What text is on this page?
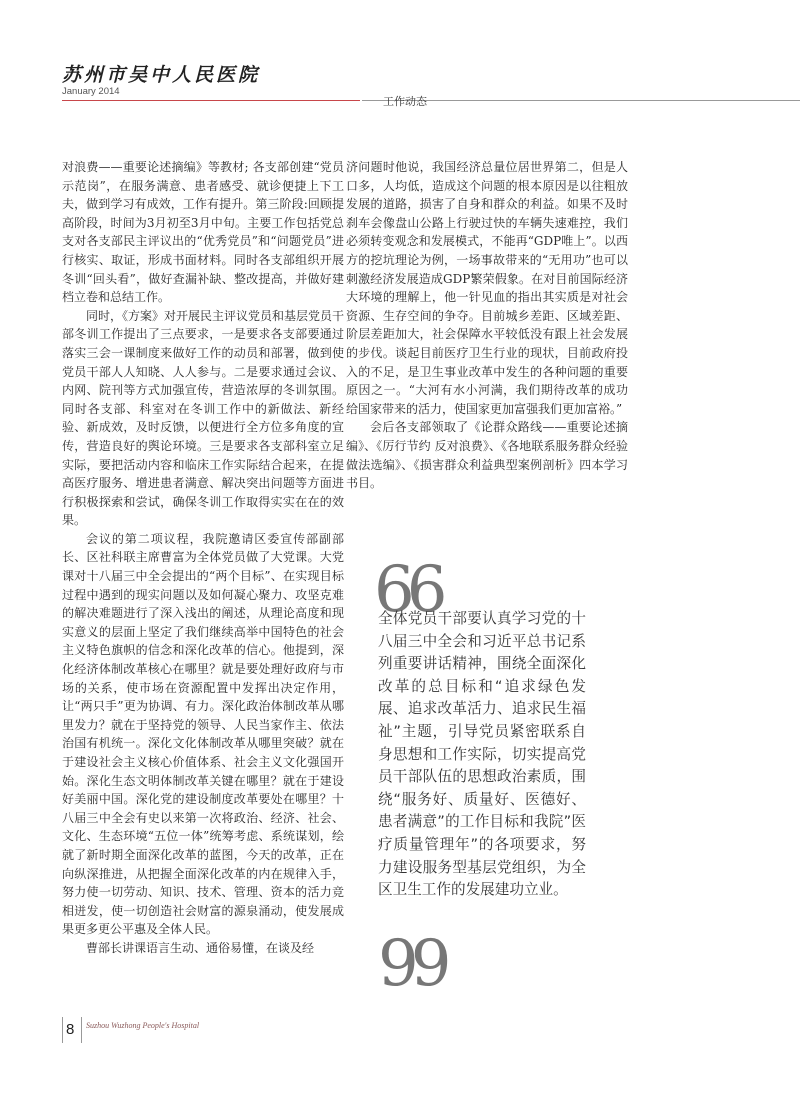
苏州市吴中人民医院
January 2014
工作动态

对浪费——重要论述摘编》等教材; 各支部创建“党员示范岗”，在服务满意、患者感受、就诊便捷上下工夫，做到学习有成效，工作有提升。第三阶段:回顾提高阶段，时间为3月初至3月中旬。主要工作包括党总支对各支部民主评议出的“优秀党员”和“问题党员”进行核实、取证，形成书面材料。同时各支部组织开展冬训“回头看”，做好查漏补缺、整改提高，并做好建档立卷和总结工作。

同时，《方案》对开展民主评议党员和基层党员干部冬训工作提出了三点要求，一是要求各支部要通过落实三会一课制度来做好工作的动员和部署，做到使党员干部人人知晓、人人参与。二是要求通过会议、内网、院刊等方式加强宣传，营造浓厚的冬训氛围。同时各支部、科室对在冬训工作中的新做法、新经验、新成效，及时反馈，以便进行全方位多角度的宣传，营造良好的舆论环境。三是要求各支部科室立足实际，要把活动内容和临床工作实际结合起来，在提高医疗服务、增进患者满意、解决突出问题等方面进行积极探索和尝试，确保冬训工作取得实实在在的效果。

会议的第二项议程，我院邀请区委宣传部副部长、区社科联主席曹富为全体党员做了大党课。大党课对十八届三中全会提出的“两个目标”、在实现目标过程中遇到的现实问题以及如何凝心聚力、攻坚克难的解决难题进行了深入浅出的阐述，从理论高度和现实意义的层面上坚定了我们继续高举中国特色的社会主义特色旗帜的信念和深化改革的信心。他提到，深化经济体制改革核心在哪里？就是要处理好政府与市场的关系，使市场在资源配置中发挥出决定作用，让“两只手”更为协调、有力。深化政治体制改革从哪里发力？就在于坚持党的领导、人民当家作主、依法治国有机统一。深化文化体制改革从哪里突破？就在于建设社会主义核心价值体系、社会主义文化强国开始。深化生态文明体制改革关键在哪里？就在于建设好美丽中国。深化党的建设制度改革要处在哪里？十八届三中全会有史以来第一次将政治、经济、社会、文化、生态环境“五位一体”统筹考虑、系统谋划，绘就了新时期全面深化改革的蓝图，今天的改革，正在向纵深推进，从把握全面深化改革的内在规律入手，努力使一切劳动、知识、技术、管理、资本的活力竞相迸发，使一切创造社会财富的源泉涌动，使发展成果更多更公平惠及全体人民。

曹部长讲课语言生动、通俗易懂，在谈及经

济问题时他说，我国经济总量位居世界第二，但是人口多，人均低，造成这个问题的根本原因是以往粗放发展的道路，损害了自身和群众的利益。如果不及时刹车会像盘山公路上行驶过快的车辆失速难控，我们必须转变观念和发展模式，不能再“GDP唯上”。以西方的挖坑理论为例，一场事故带来的“无用功”也可以刺激经济发展造成GDP繁荣假象。在对目前国际经济大环境的理解上，他一针见血的指出其实质是对社会资源、生存空间的争夺。目前城乡差距、区域差距、阶层差距加大，社会保障水平较低没有跟上社会发展的步伐。谈起目前医疗卫生行业的现状，目前政府投入的不足，是卫生事业改革中发生的各种问题的重要原因之一。“大河有水小河满，我们期待改革的成功给国家带来的活力，使国家更加富强我们更加富裕。”

会后各支部领取了《论群众路线——重要论述摘编》、《厉行节约 反对浪费》、《各地联系服务群众经验做法选编》、《损害群众利益典型案例剖析》四本学习书目。

66
全体党员干部要认真学习党的十八届三中全会和习近平总书记系列重要讲话精神，围绕全面深化改革的总目标和“追求绿色发展、追求改革活力、追求民生福祉”主题，引导党员紧密联系自身思想和工作实际，切实提高党员干部队伍的思想政治素质，围绕“服务好、质量好、医德好、患者满意”的工作目标和我院”医疗质量管理年”的各项要求，努力建设服务型基层党组织，为全区卫生工作的发展建功立业。
99
8 Suzhou Wuzhong People's Hospital
